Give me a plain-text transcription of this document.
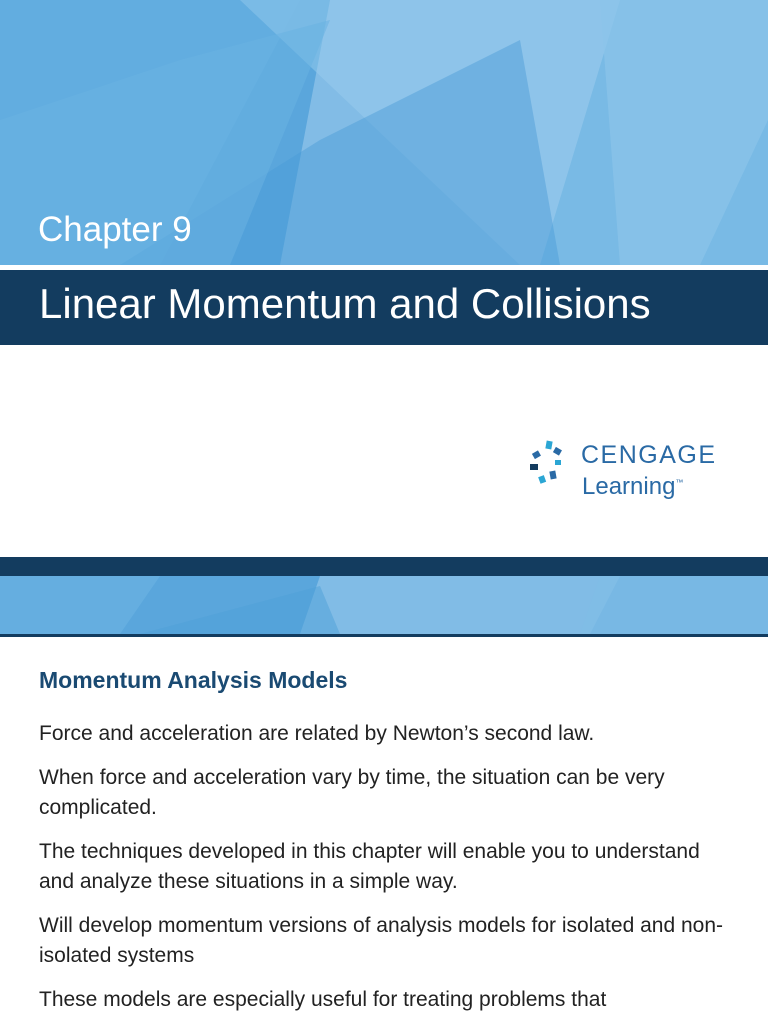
Chapter 9
Linear Momentum and Collisions
CENGAGE
Learning™
Momentum Analysis Models
Force and acceleration are related by Newton’s second law.
When force and acceleration vary by time, the situation can be very complicated.
The techniques developed in this chapter will enable you to understand and analyze these situations in a simple way.
Will develop momentum versions of analysis models for isolated and non-isolated systems
These models are especially useful for treating problems that
